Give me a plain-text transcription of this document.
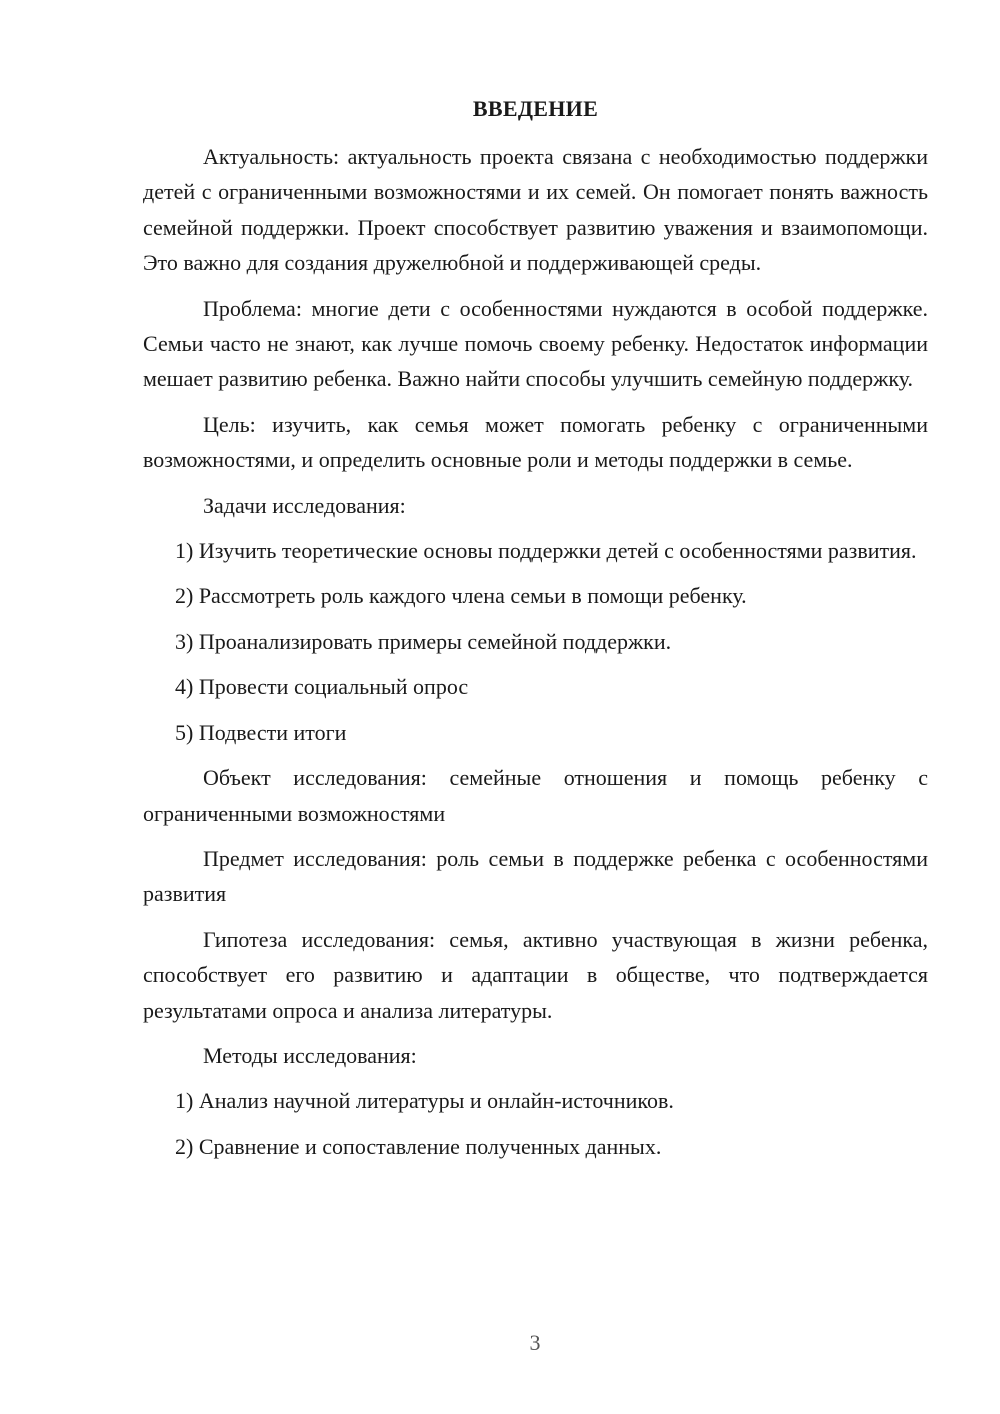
ВВЕДЕНИЕ

Актуальность: актуальность проекта связана с необходимостью поддержки детей с ограниченными возможностями и их семей. Он помогает понять важность семейной поддержки. Проект способствует развитию уважения и взаимопомощи. Это важно для создания дружелюбной и поддерживающей среды.

Проблема: многие дети с особенностями нуждаются в особой поддержке. Семьи часто не знают, как лучше помочь своему ребенку. Недостаток информации мешает развитию ребенка. Важно найти способы улучшить семейную поддержку.

Цель: изучить, как семья может помогать ребенку с ограниченными возможностями, и определить основные роли и методы поддержки в семье.

Задачи исследования:

1) Изучить теоретические основы поддержки детей с особенностями развития.

2) Рассмотреть роль каждого члена семьи в помощи ребенку.

3) Проанализировать примеры семейной поддержки.

4) Провести социальный опрос

5) Подвести итоги

Объект исследования: семейные отношения и помощь ребенку с ограниченными возможностями

Предмет исследования: роль семьи в поддержке ребенка с особенностями развития

Гипотеза исследования: семья, активно участвующая в жизни ребенка, способствует его развитию и адаптации в обществе, что подтверждается результатами опроса и анализа литературы.

Методы исследования:

1) Анализ научной литературы и онлайн-источников.

2) Сравнение и сопоставление полученных данных.

3
